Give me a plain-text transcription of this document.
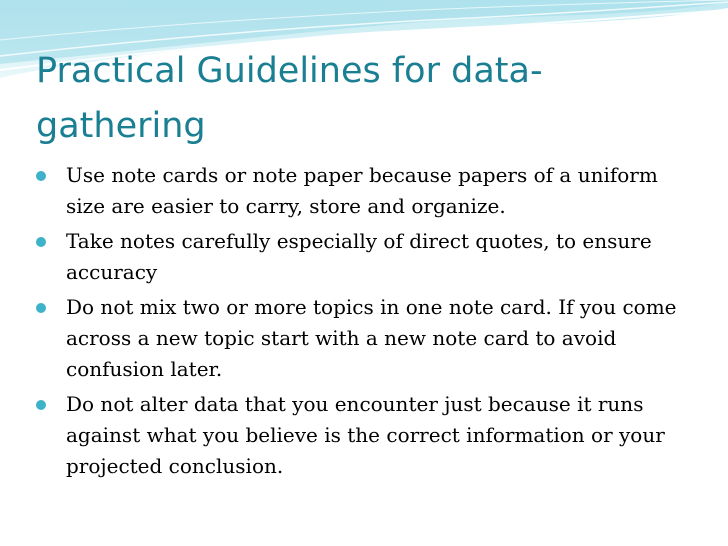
Practical Guidelines for data-gathering
Use note cards or note paper because papers of a uniform size are easier to carry, store and organize.
Take notes carefully especially of direct quotes, to ensure accuracy
Do not mix two or more topics in one note card. If you come across a new topic start with a new note card to avoid confusion later.
Do not alter data that you encounter just because it runs against what you believe is the correct information or your projected conclusion.
